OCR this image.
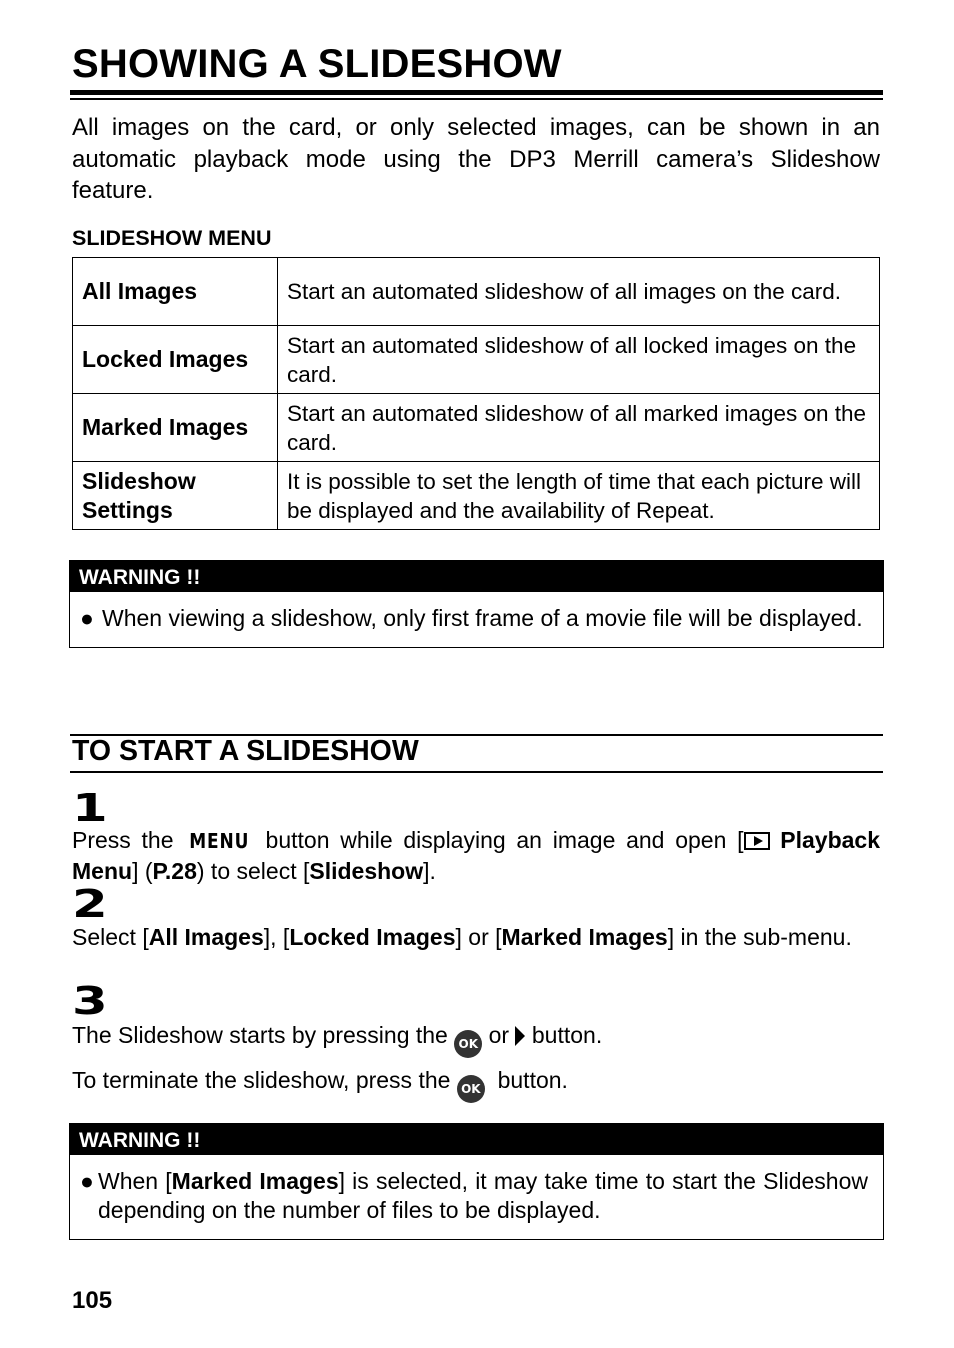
SHOWING A SLIDESHOW

All images on the card, or only selected images, can be shown in an automatic playback mode using the DP3 Merrill camera’s Slideshow feature.

SLIDESHOW MENU
All Images	Start an automated slideshow of all images on the card.
Locked Images	Start an automated slideshow of all locked images on the card.
Marked Images	Start an automated slideshow of all marked images on the card.
Slideshow Settings	It is possible to set the length of time that each picture will be displayed and the availability of Repeat.
WARNING !!
● When viewing a slideshow, only first frame of a movie file will be displayed.
TO START A SLIDESHOW
1

Press the MENU button while displaying an image and open [ Playback Menu] (P.28) to select [Slideshow].

2

Select [All Images], [Locked Images] or [Marked Images] in the sub-menu.

3

The Slideshow starts by pressing the OK or  button.

To terminate the slideshow, press the OK  button.

WARNING !!
● When [Marked Images] is selected, it may take time to start the Slideshow depending on the number of files to be displayed.

105
